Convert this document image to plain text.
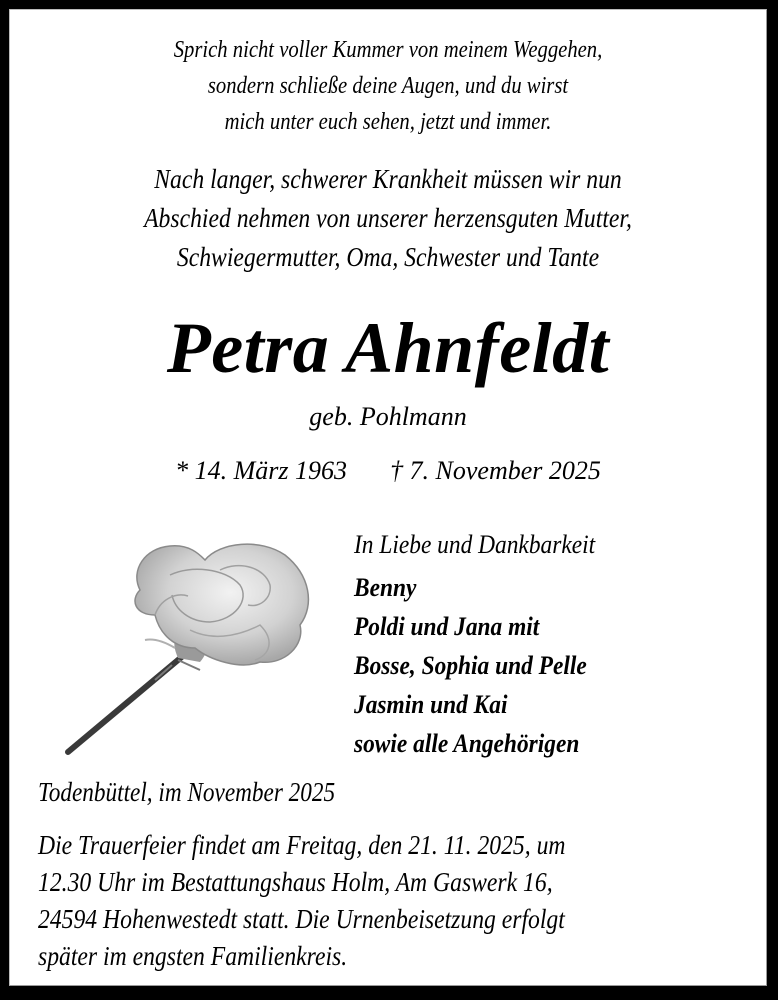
Sprich nicht voller Kummer von meinem Weggehen,
sondern schließe deine Augen, und du wirst
mich unter euch sehen, jetzt und immer.
Nach langer, schwerer Krankheit müssen wir nun
Abschied nehmen von unserer herzensguten Mutter,
Schwiegermutter, Oma, Schwester und Tante
Petra Ahnfeldt
geb. Pohlmann
* 14. März 1963 † 7. November 2025
In Liebe und Dankbarkeit
Benny
Poldi und Jana mit
Bosse, Sophia und Pelle
Jasmin und Kai
sowie alle Angehörigen
Todenbüttel, im November 2025
Die Trauerfeier findet am Freitag, den 21. 11. 2025, um
12.30 Uhr im Bestattungshaus Holm, Am Gaswerk 16,
24594 Hohenwestedt statt. Die Urnenbeisetzung erfolgt
später im engsten Familienkreis.
